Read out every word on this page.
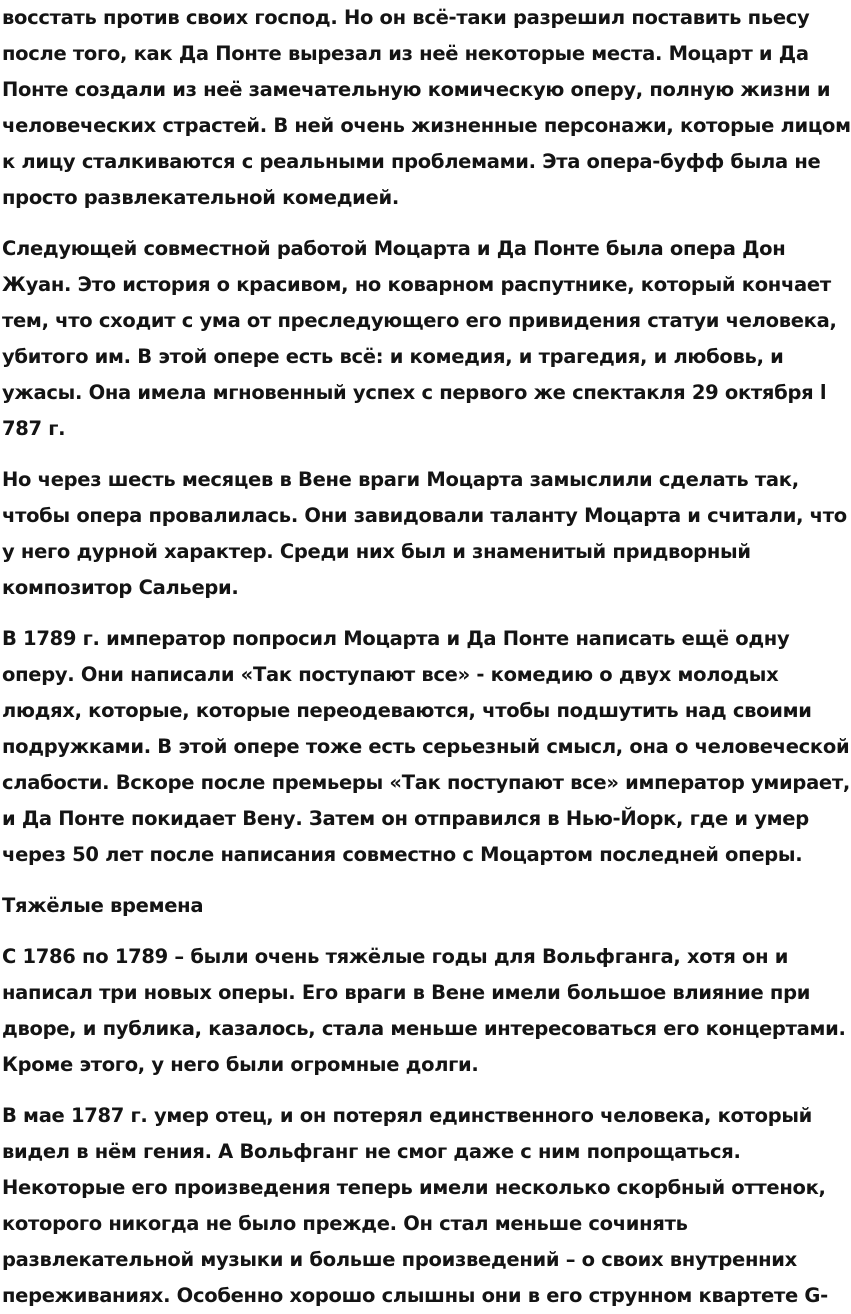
восстать против своих господ. Но он всё-таки разрешил поставить пьесу
после того, как Да Понте вырезал из неё некоторые места. Моцарт и Да
Понте создали из неё замечательную комическую оперу, полную жизни и
человеческих страстей. В ней очень жизненные персонажи, которые лицом
к лицу сталкиваются с реальными проблемами. Эта опера-буфф была не
просто развлекательной комедией.
Следующей совместной работой Моцарта и Да Понте была опера Дон
Жуан. Это история о красивом, но коварном распутнике, который кончает
тем, что сходит с ума от преследующего его привидения статуи человека,
убитого им. В этой опере есть всё: и комедия, и трагедия, и любовь, и
ужасы. Она имела мгновенный успех с первого же спектакля 29 октября l
787 г.
Но через шесть месяцев в Вене враги Моцарта замыслили сделать так,
чтобы опера провалилась. Они завидовали таланту Моцарта и считали, что
у него дурной характер. Среди них был и знаменитый придворный
композитор Сальери.
В 1789 г. император попросил Моцарта и Да Понте написать ещё одну
оперу. Они написали «Так поступают все» - комедию о двух молодых
людях, которые, которые переодеваются, чтобы подшутить над своими
подружками. В этой опере тоже есть серьезный смысл, она о человеческой
слабости. Вскоре после премьеры «Так поступают все» император умирает,
и Да Понте покидает Вену. Затем он отправился в Нью-Йорк, где и умер
через 50 лет после написания совместно с Моцартом последней оперы.
Тяжёлые времена
С 1786 по 1789 – были очень тяжёлые годы для Вольфганга, хотя он и
написал три новых оперы. Его враги в Вене имели большое влияние при
дворе, и публика, казалось, стала меньше интересоваться его концертами.
Кроме этого, у него были огромные долги.
В мае 1787 г. умер отец, и он потерял единственного человека, который
видел в нём гения. А Вольфганг не смог даже с ним попрощаться.
Некоторые его произведения теперь имели несколько скорбный оттенок,
которого никогда не было прежде. Он стал меньше сочинять
развлекательной музыки и больше произведений – о своих внутренних
переживаниях. Особенно хорошо слышны они в его струнном квартете G-
